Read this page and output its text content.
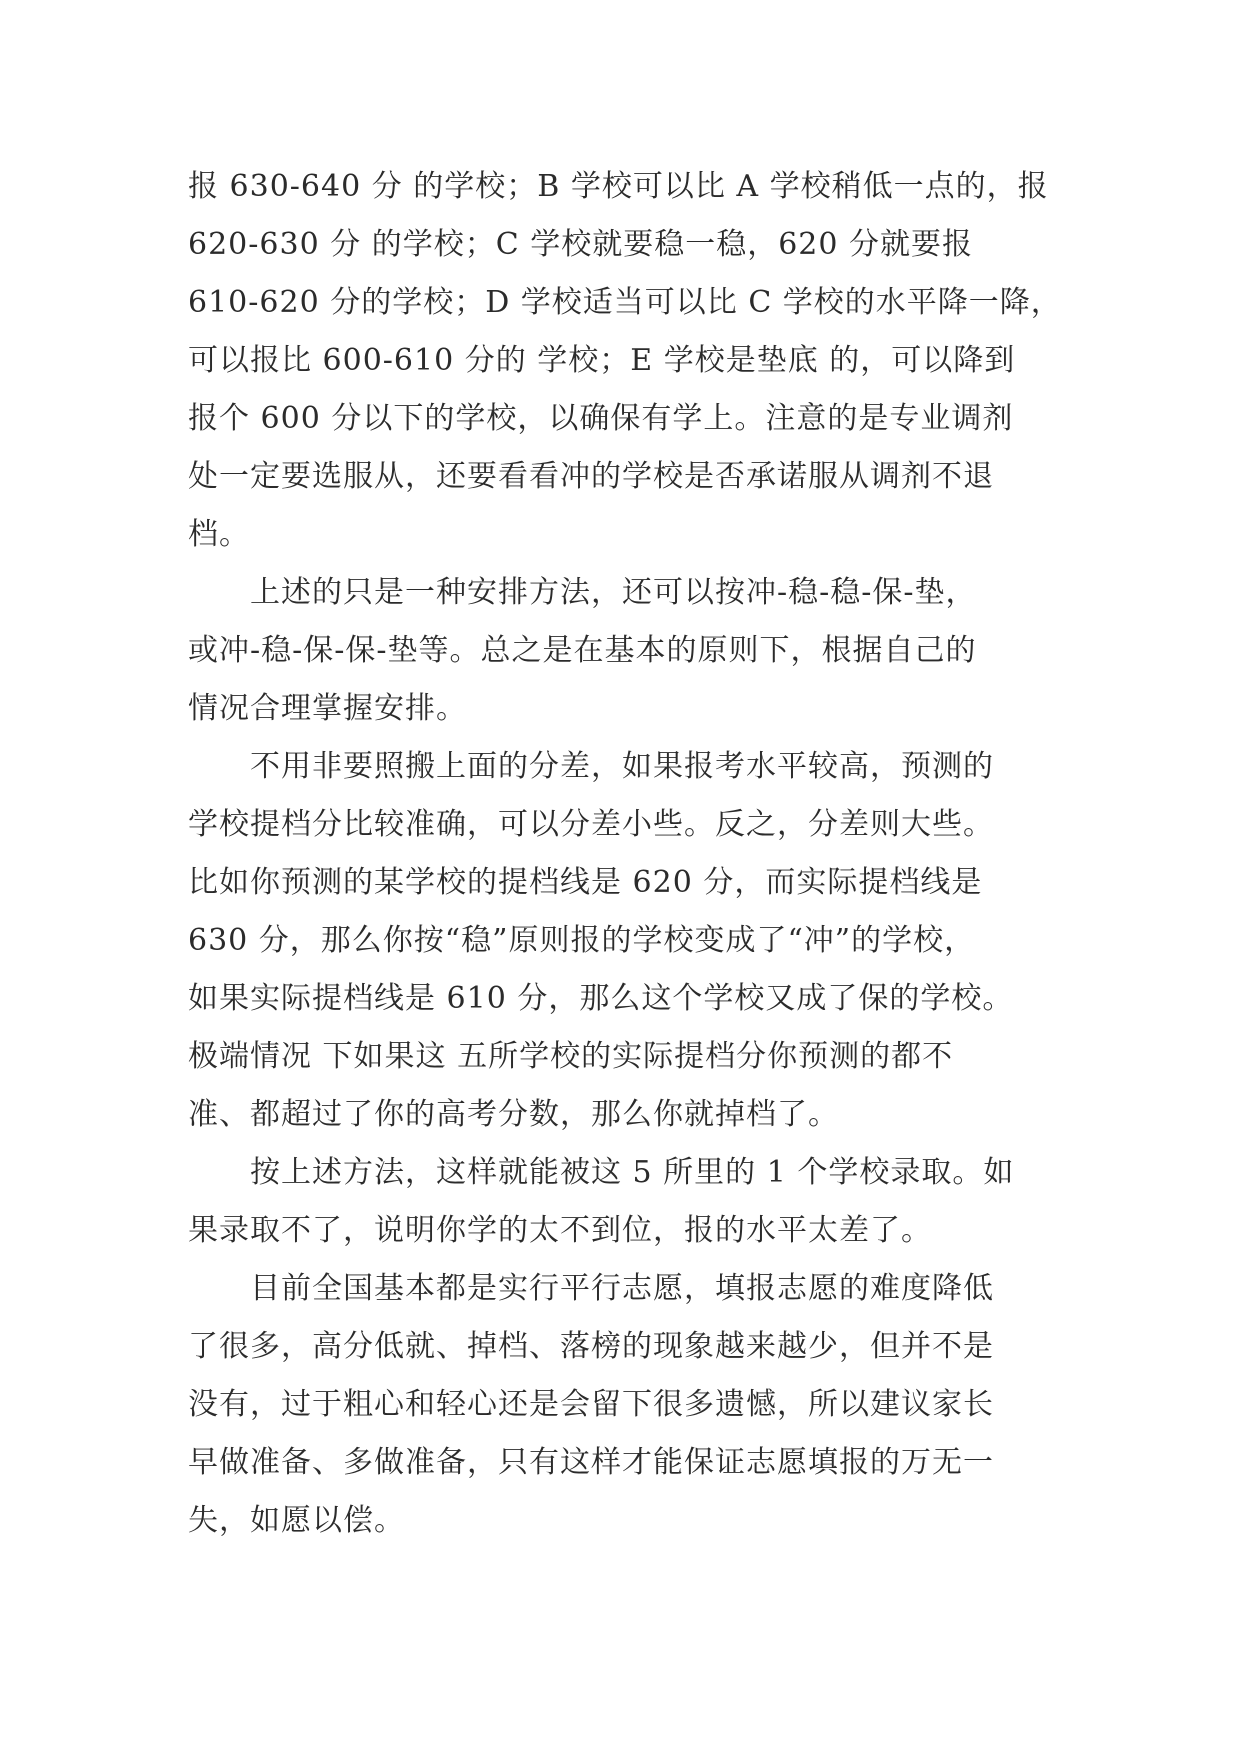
报 630-640 分 的学校；B 学校可以比 A 学校稍低一点的，报
620-630 分 的学校；C 学校就要稳一稳，620 分就要报
610-620 分的学校；D 学校适当可以比 C 学校的水平降一降，
可以报比 600-610 分的 学校；E 学校是垫底 的，可以降到
报个 600 分以下的学校，以确保有学上。注意的是专业调剂
处一定要选服从，还要看看冲的学校是否承诺服从调剂不退
档。
　　上述的只是一种安排方法，还可以按冲-稳-稳-保-垫，
或冲-稳-保-保-垫等。总之是在基本的原则下，根据自己的
情况合理掌握安排。
　　不用非要照搬上面的分差，如果报考水平较高，预测的
学校提档分比较准确，可以分差小些。反之，分差则大些。
比如你预测的某学校的提档线是 620 分，而实际提档线是
630 分，那么你按“稳”原则报的学校变成了“冲”的学校，
如果实际提档线是 610 分，那么这个学校又成了保的学校。
极端情况 下如果这 五所学校的实际提档分你预测的都不
准、都超过了你的高考分数，那么你就掉档了。
　　按上述方法，这样就能被这 5 所里的 1 个学校录取。如
果录取不了，说明你学的太不到位，报的水平太差了。
　　目前全国基本都是实行平行志愿，填报志愿的难度降低
了很多，高分低就、掉档、落榜的现象越来越少，但并不是
没有，过于粗心和轻心还是会留下很多遗憾，所以建议家长
早做准备、多做准备，只有这样才能保证志愿填报的万无一
失，如愿以偿。
